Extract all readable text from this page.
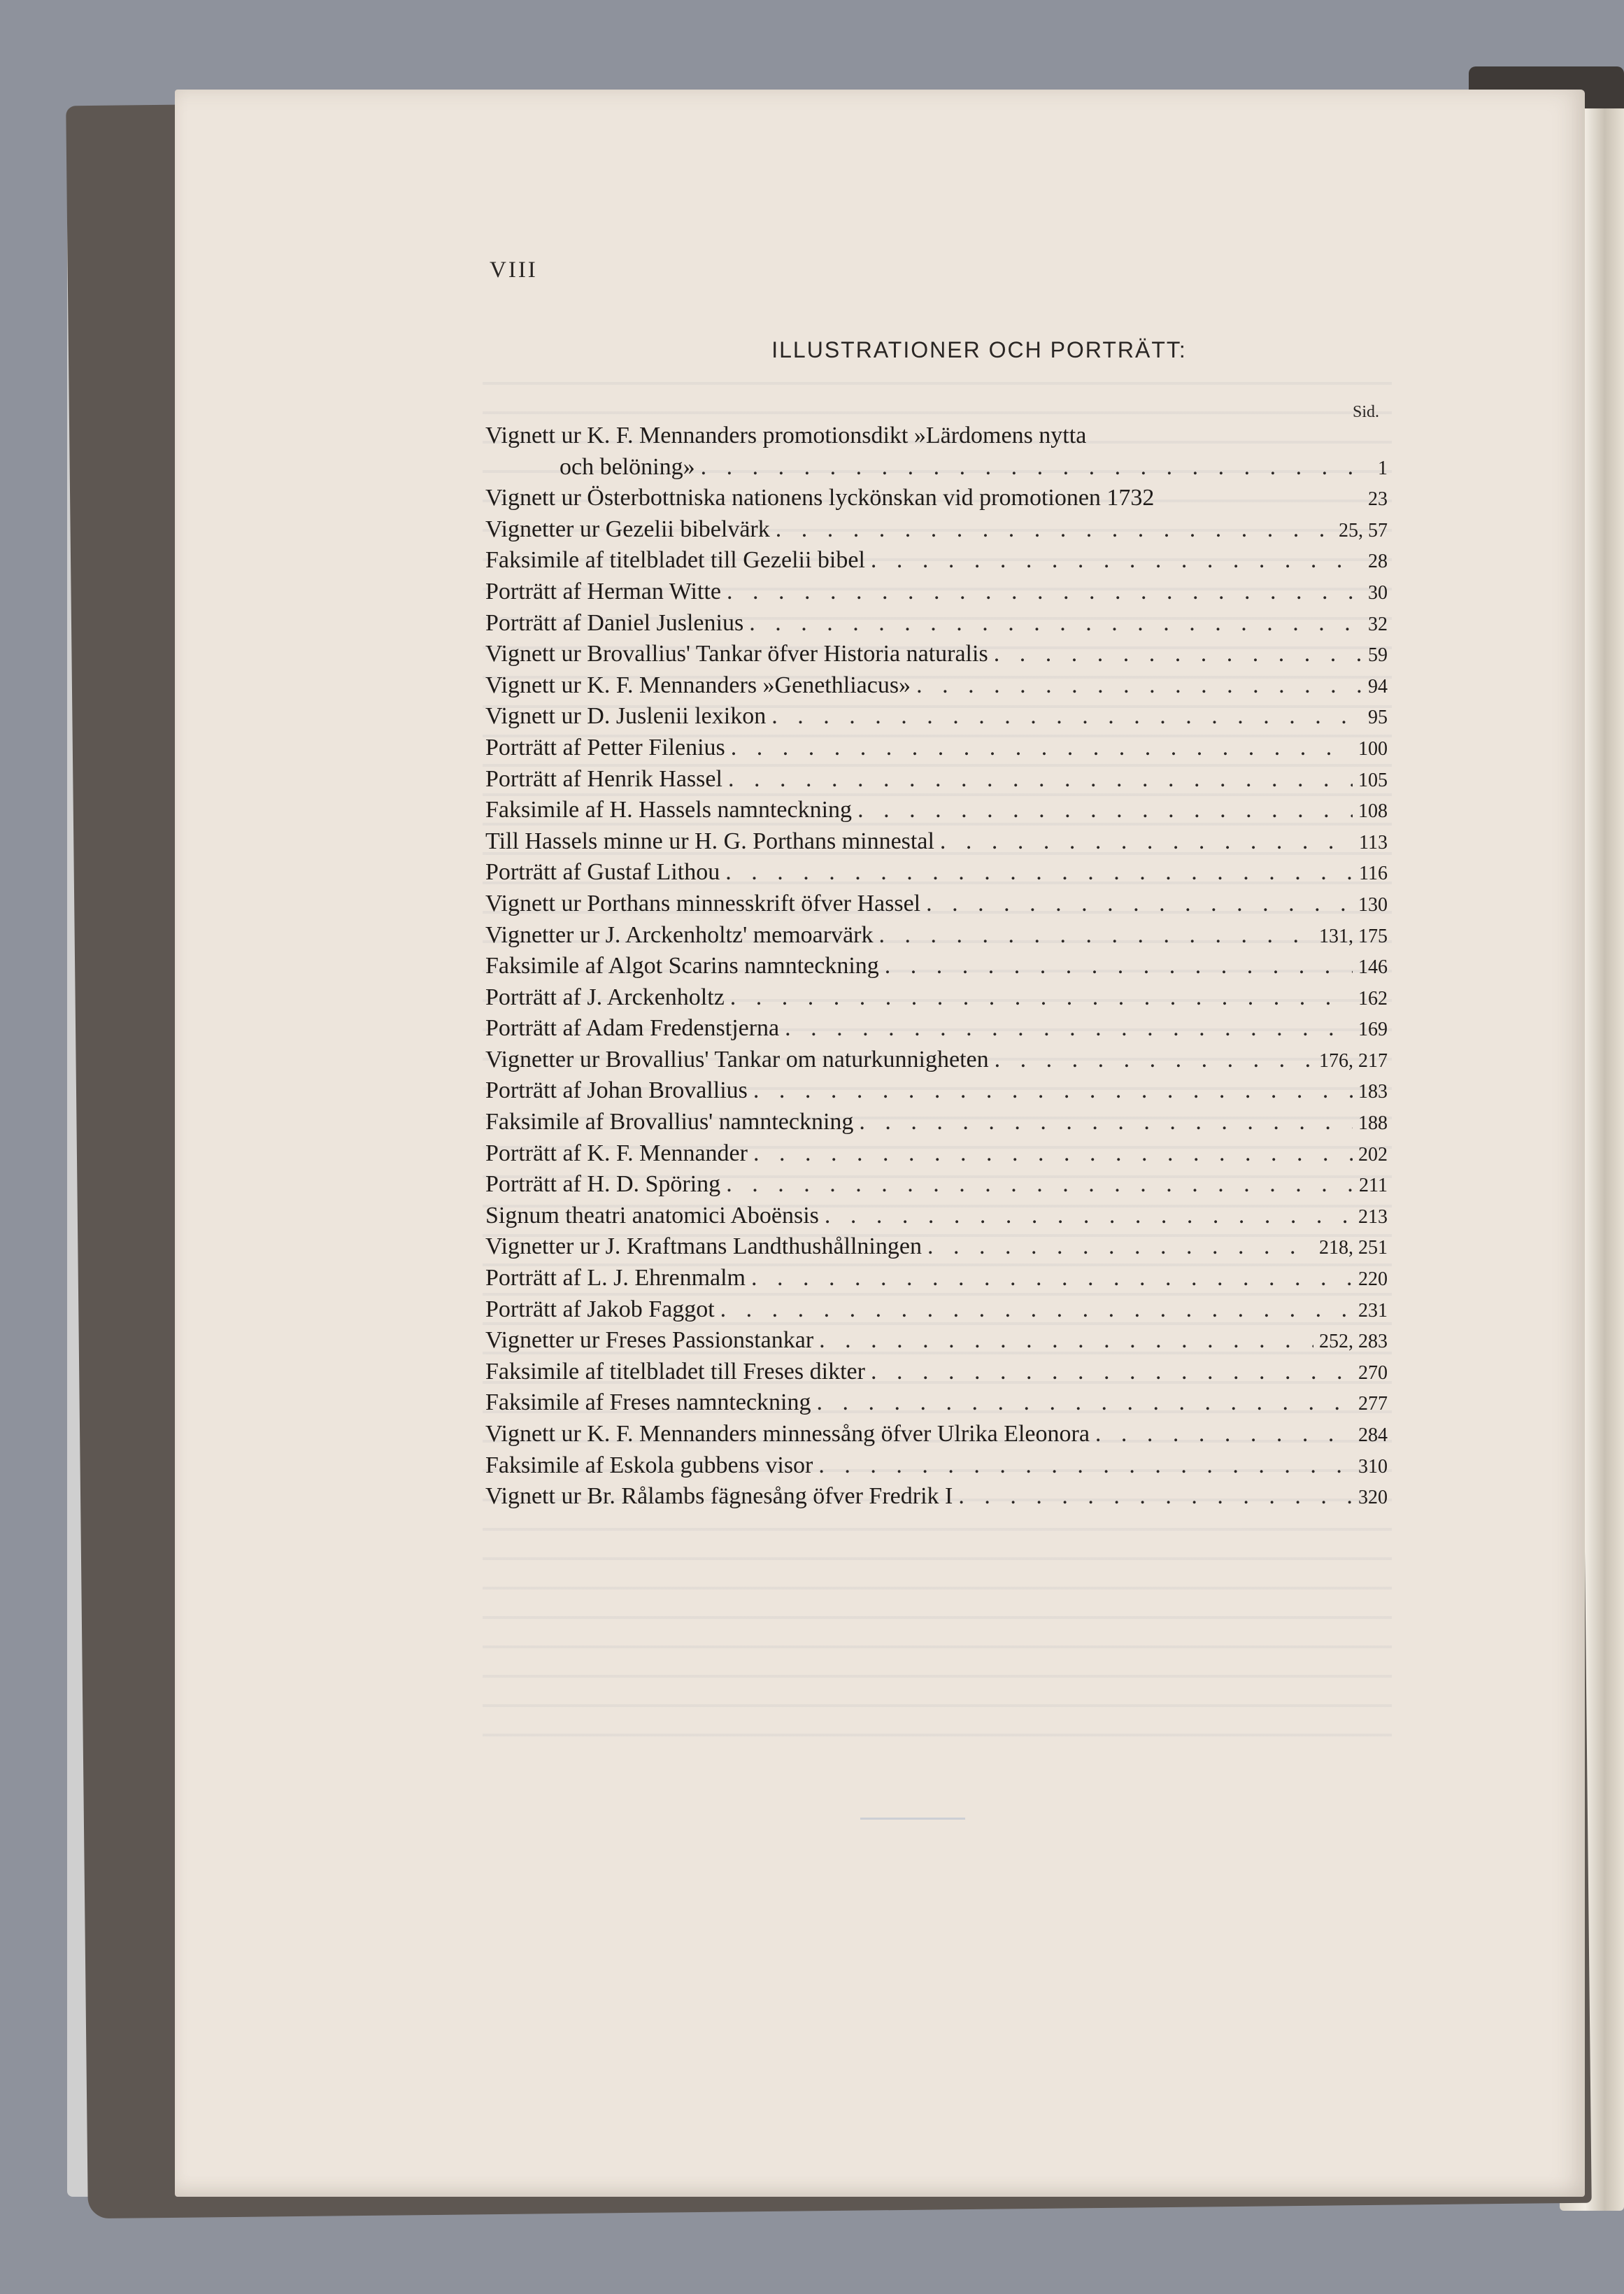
VIII
ILLUSTRATIONER OCH PORTRÄTT:
Sid.
Vignett ur K. F. Mennanders promotionsdikt »Lärdomens nytta
och belöning» . . .	1
Vignett ur Österbottniska nationens lyckönskan vid promotionen 1732	23
Vignetter ur Gezelii bibelvärk . . .	25, 57
Faksimile af titelbladet till Gezelii bibel . . .	28
Porträtt af Herman Witte . . .	30
Porträtt af Daniel Juslenius . . .	32
Vignett ur Brovallius' Tankar öfver Historia naturalis . . .	59
Vignett ur K. F. Mennanders »Genethliacus» . . .	94
Vignett ur D. Juslenii lexikon . . .	95
Porträtt af Petter Filenius . . .	100
Porträtt af Henrik Hassel . . .	105
Faksimile af H. Hassels namnteckning . . .	108
Till Hassels minne ur H. G. Porthans minnestal . . .	113
Porträtt af Gustaf Lithou . . .	116
Vignett ur Porthans minnesskrift öfver Hassel . . .	130
Vignetter ur J. Arckenholtz' memoarvärk . . .	131, 175
Faksimile af Algot Scarins namnteckning . . .	146
Porträtt af J. Arckenholtz . . .	162
Porträtt af Adam Fredenstjerna . . .	169
Vignetter ur Brovallius' Tankar om naturkunnigheten . . .	176, 217
Porträtt af Johan Brovallius . . .	183
Faksimile af Brovallius' namnteckning . . .	188
Porträtt af K. F. Mennander . . .	202
Porträtt af H. D. Spöring . . .	211
Signum theatri anatomici Aboënsis . . .	213
Vignetter ur J. Kraftmans Landthushållningen . . .	218, 251
Porträtt af L. J. Ehrenmalm . . .	220
Porträtt af Jakob Faggot . . .	231
Vignetter ur Freses Passionstankar . . .	252, 283
Faksimile af titelbladet till Freses dikter . . .	270
Faksimile af Freses namnteckning . . .	277
Vignett ur K. F. Mennanders minnessång öfver Ulrika Eleonora . . .	284
Faksimile af Eskola gubbens visor . . .	310
Vignett ur Br. Rålambs fägnesång öfver Fredrik I . . .	320
